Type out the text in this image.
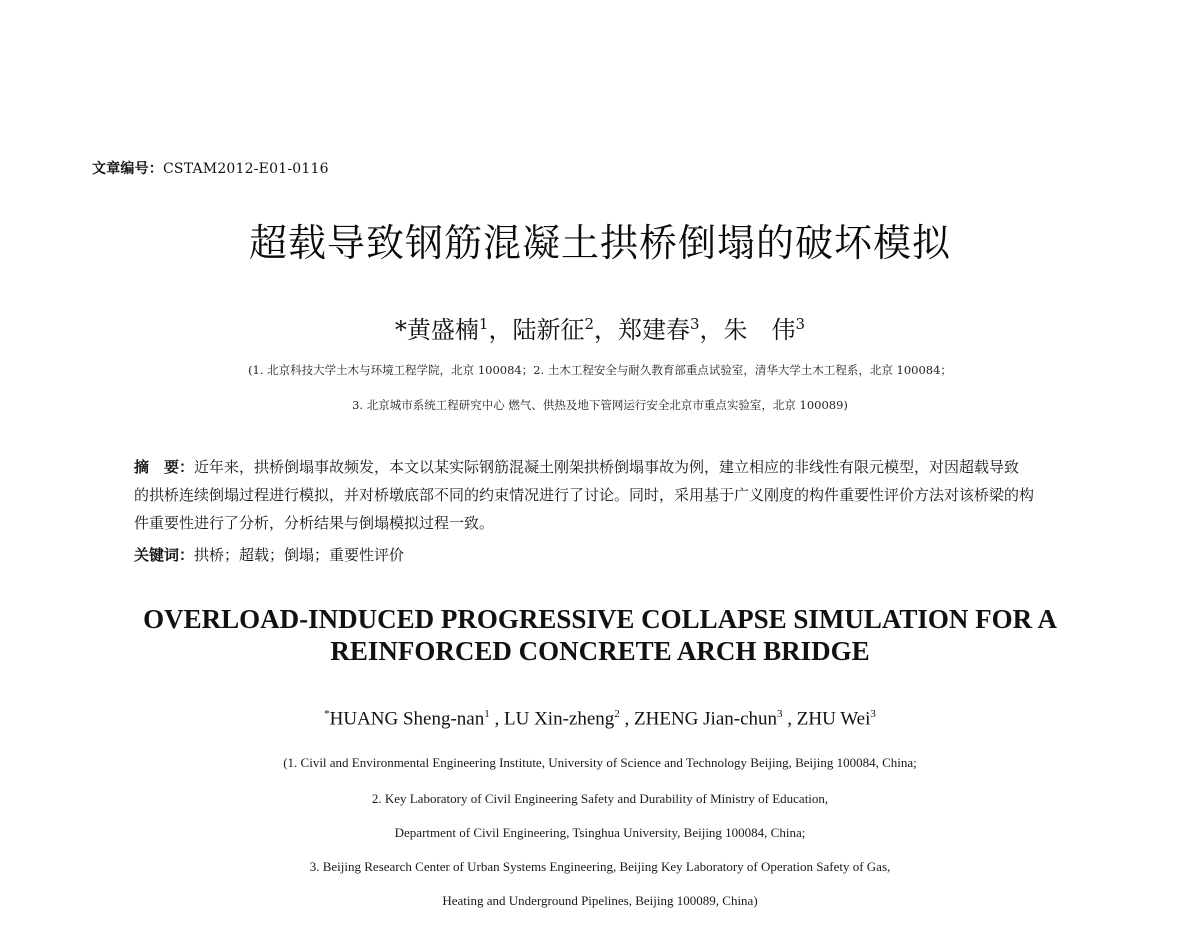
文章编号：CSTAM2012-E01-0116
超载导致钢筋混凝土拱桥倒塌的破坏模拟
*黄盛楠$^1$，陆新征$^2$，郑建春$^3$，朱　伟$^3$
(1. 北京科技大学土木与环境工程学院，北京 100084；2. 土木工程安全与耐久教育部重点试验室，清华大学土木工程系，北京 100084；
3. 北京城市系统工程研究中心 燃气、供热及地下管网运行安全北京市重点实验室，北京 100089)
摘　要：近年来，拱桥倒塌事故频发，本文以某实际钢筋混凝土刚架拱桥倒塌事故为例，建立相应的非线性有限元模型，对因超载导致的拱桥连续倒塌过程进行模拟，并对桥墩底部不同的约束情况进行了讨论。同时，采用基于广义刚度的构件重要性评价方法对该桥梁的构件重要性进行了分析，分析结果与倒塌模拟过程一致。
关键词：拱桥；超载；倒塌；重要性评价
OVERLOAD-INDUCED PROGRESSIVE COLLAPSE SIMULATION FOR A
REINFORCED CONCRETE ARCH BRIDGE
*HUANG Sheng-nan$^1$ , LU Xin-zheng$^2$ , ZHENG Jian-chun$^3$ , ZHU Wei$^3$
(1. Civil and Environmental Engineering Institute, University of Science and Technology Beijing, Beijing 100084, China;
2. Key Laboratory of Civil Engineering Safety and Durability of Ministry of Education,
Department of Civil Engineering, Tsinghua University, Beijing 100084, China;
3. Beijing Research Center of Urban Systems Engineering, Beijing Key Laboratory of Operation Safety of Gas,
Heating and Underground Pipelines, Beijing 100089, China)
